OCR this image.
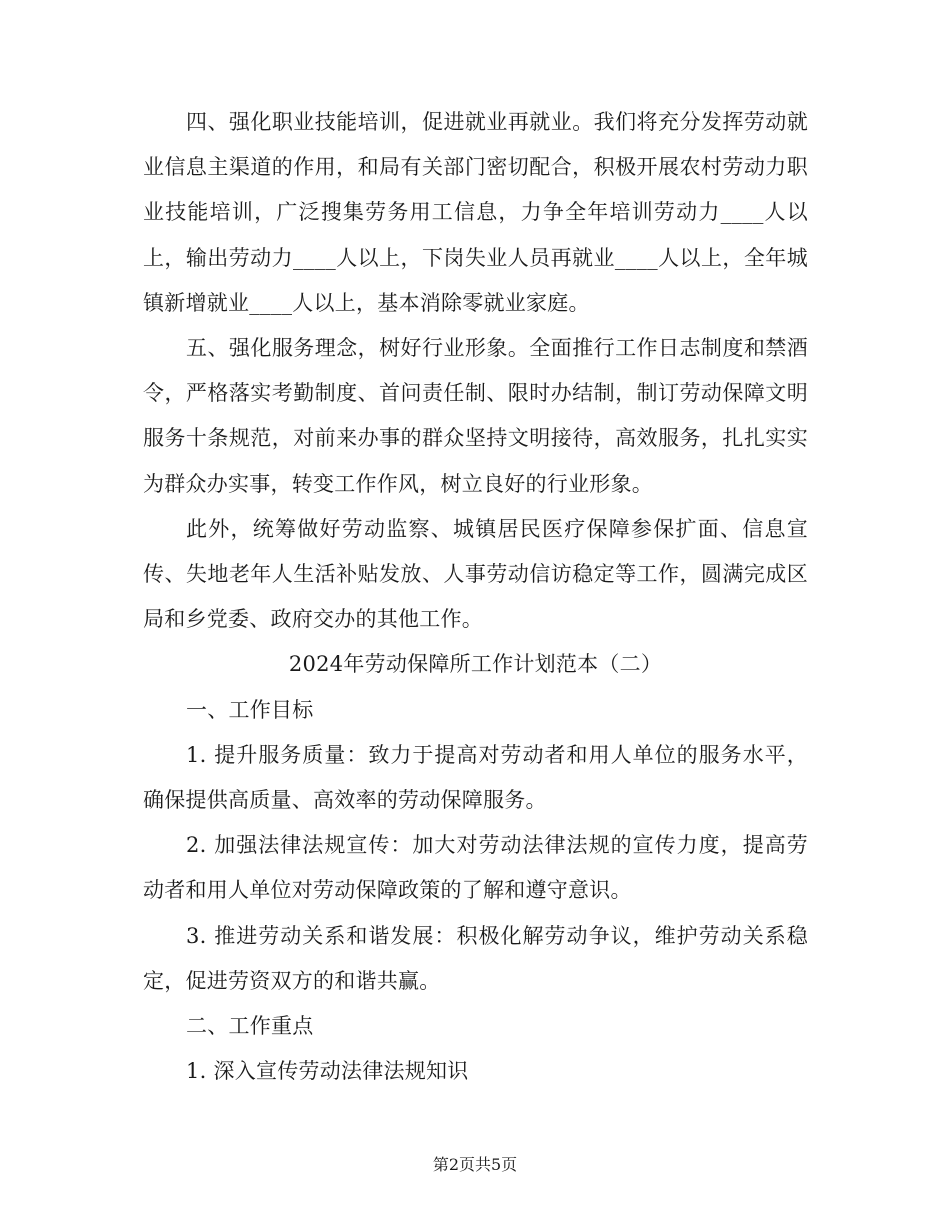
四、强化职业技能培训，促进就业再就业。我们将充分发挥劳动就业信息主渠道的作用，和局有关部门密切配合，积极开展农村劳动力职业技能培训，广泛搜集劳务用工信息，力争全年培训劳动力____人以上，输出劳动力____人以上，下岗失业人员再就业____人以上，全年城镇新增就业____人以上，基本消除零就业家庭。

五、强化服务理念，树好行业形象。全面推行工作日志制度和禁酒令，严格落实考勤制度、首问责任制、限时办结制，制订劳动保障文明服务十条规范，对前来办事的群众坚持文明接待，高效服务，扎扎实实为群众办实事，转变工作作风，树立良好的行业形象。

此外，统筹做好劳动监察、城镇居民医疗保障参保扩面、信息宣传、失地老年人生活补贴发放、人事劳动信访稳定等工作，圆满完成区局和乡党委、政府交办的其他工作。

2024年劳动保障所工作计划范本（二）

一、工作目标

1. 提升服务质量：致力于提高对劳动者和用人单位的服务水平，确保提供高质量、高效率的劳动保障服务。

2. 加强法律法规宣传：加大对劳动法律法规的宣传力度，提高劳动者和用人单位对劳动保障政策的了解和遵守意识。

3. 推进劳动关系和谐发展：积极化解劳动争议，维护劳动关系稳定，促进劳资双方的和谐共赢。

二、工作重点

1. 深入宣传劳动法律法规知识

第2页共5页
